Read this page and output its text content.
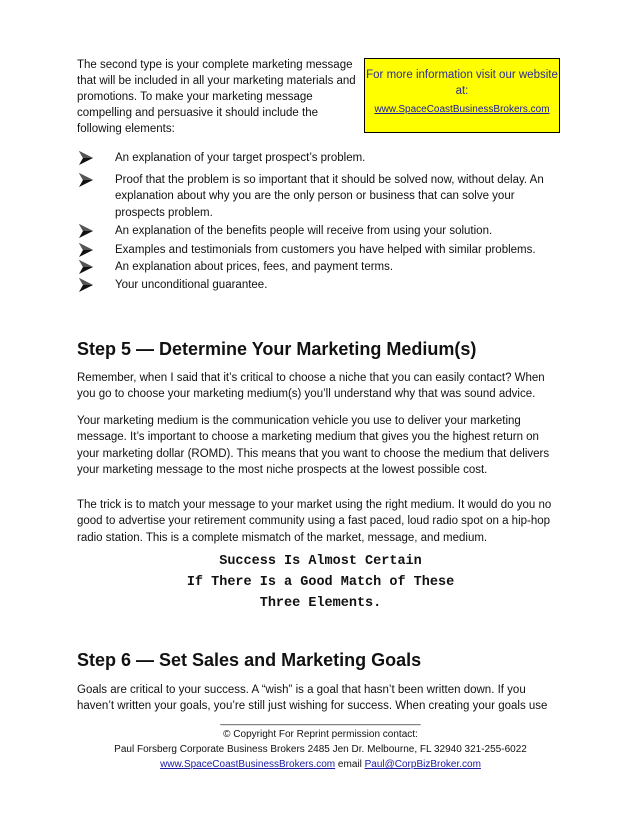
The second type is your complete marketing message that will be included in all your marketing materials and promotions. To make your marketing message compelling and persuasive it should include the following elements:

For more information visit our website at:
www.SpaceCoastBusinessBrokers.com
An explanation of your target prospect’s problem.
Proof that the problem is so important that it should be solved now, without delay. An explanation about why you are the only person or business that can solve your prospects problem.
An explanation of the benefits people will receive from using your solution.
Examples and testimonials from customers you have helped with similar problems.
An explanation about prices, fees, and payment terms.
Your unconditional guarantee.
Step 5 — Determine Your Marketing Medium(s)

Remember, when I said that it’s critical to choose a niche that you can easily contact? When you go to choose your marketing medium(s) you’ll understand why that was sound advice.

Your marketing medium is the communication vehicle you use to deliver your marketing message. It’s important to choose a marketing medium that gives you the highest return on your marketing dollar (ROMD). This means that you want to choose the medium that delivers your marketing message to the most niche prospects at the lowest possible cost.

The trick is to match your message to your market using the right medium. It would do you no good to advertise your retirement community using a fast paced, loud radio spot on a hip-hop radio station. This is a complete mismatch of the market, message, and medium.

Success Is Almost Certain
If There Is a Good Match of These
Three Elements.
Step 6 — Set Sales and Marketing Goals

Goals are critical to your success. A “wish” is a goal that hasn’t been written down. If you haven’t written your goals, you’re still just wishing for success. When creating your goals use

____________________________________
© Copyright For Reprint permission contact:
Paul Forsberg Corporate Business Brokers 2485 Jen Dr. Melbourne, FL 32940 321-255-6022
www.SpaceCoastBusinessBrokers.com email Paul@CorpBizBroker.com
